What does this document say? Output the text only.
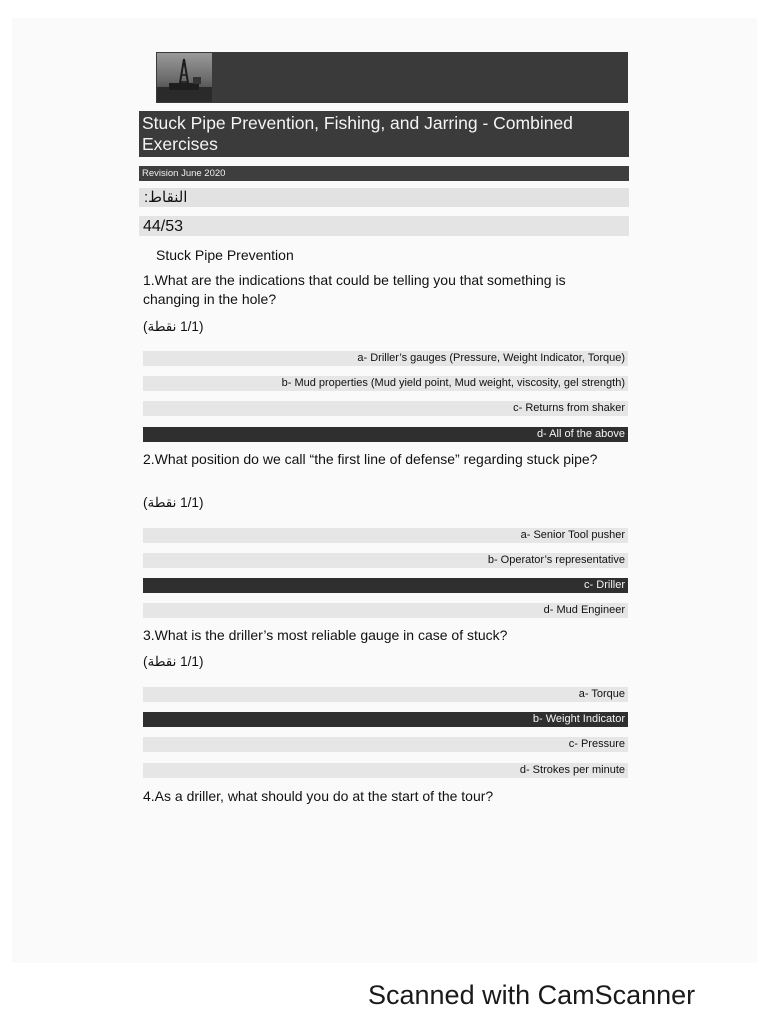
Stuck Pipe Prevention, Fishing, and Jarring - Combined Exercises
Revision June 2020
النقاط:
44/53
Stuck Pipe Prevention
1.What are the indications that could be telling you that something is changing in the hole?
(1/1 نقطة)
a- Driller’s gauges (Pressure, Weight Indicator, Torque)
b- Mud properties (Mud yield point, Mud weight, viscosity, gel strength)
c- Returns from shaker
d- All of the above
2.What position do we call “the first line of defense” regarding stuck pipe?
(1/1 نقطة)
a- Senior Tool pusher
b- Operator’s representative
c- Driller
d- Mud Engineer
3.What is the driller’s most reliable gauge in case of stuck?
(1/1 نقطة)
a- Torque
b- Weight Indicator
c- Pressure
d- Strokes per minute
4.As a driller, what should you do at the start of the tour?
Scanned with CamScanner
